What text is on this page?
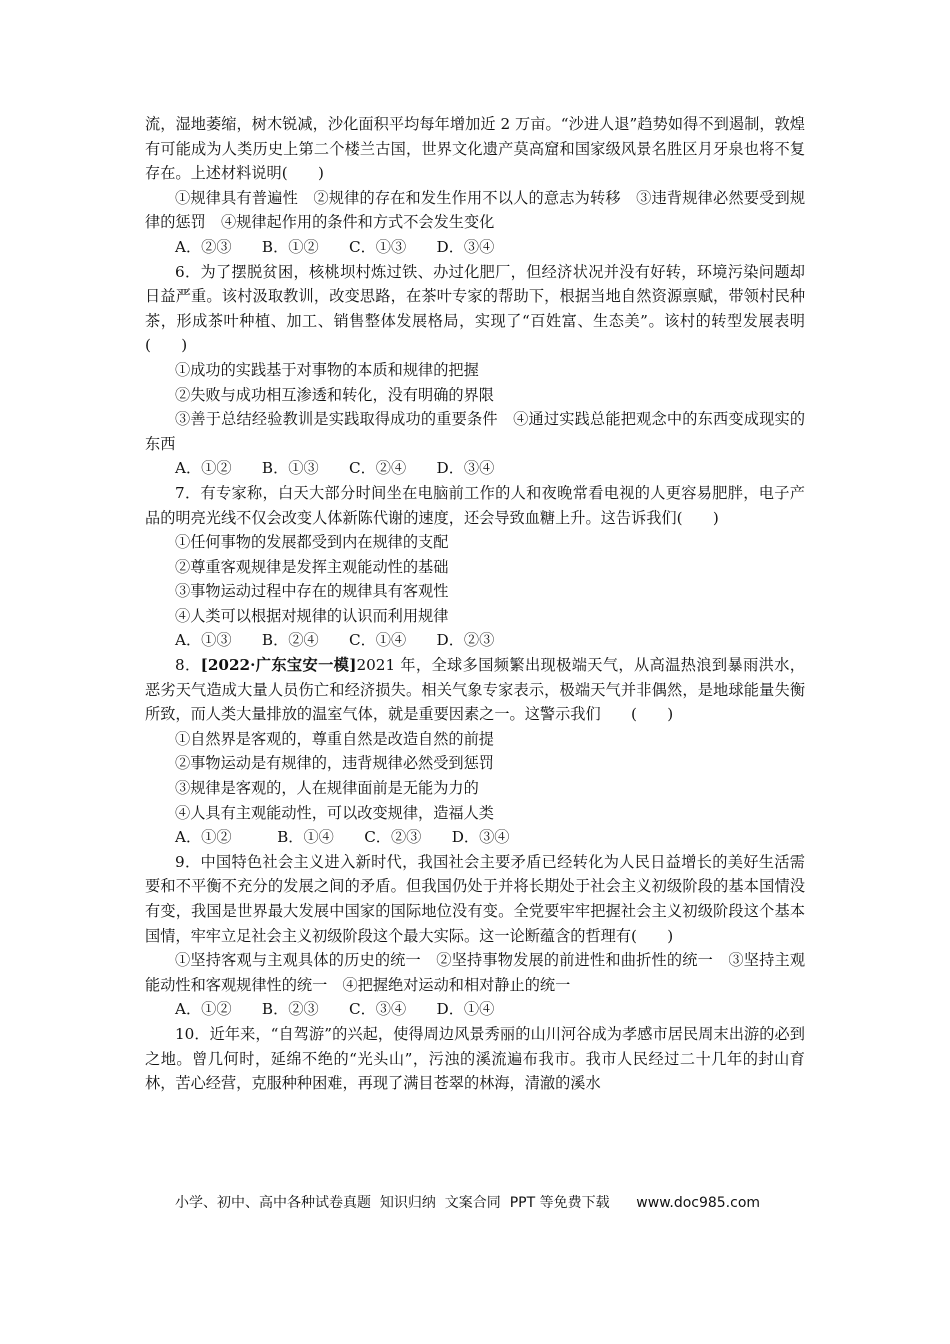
流，湿地萎缩，树木锐减，沙化面积平均每年增加近 2 万亩。“沙进人退”趋势如得不到遏制，敦煌有可能成为人类历史上第二个楼兰古国，世界文化遗产莫高窟和国家级风景名胜区月牙泉也将不复存在。上述材料说明(　　)

①规律具有普遍性　②规律的存在和发生作用不以人的意志为转移　③违背规律必然要受到规律的惩罚　④规律起作用的条件和方式不会发生变化

A．②③　　B．①②　　C．①③　　D．③④

6．为了摆脱贫困，核桃坝村炼过铁、办过化肥厂，但经济状况并没有好转，环境污染问题却日益严重。该村汲取教训，改变思路，在茶叶专家的帮助下，根据当地自然资源禀赋，带领村民种茶，形成茶叶种植、加工、销售整体发展格局，实现了“百姓富、生态美”。该村的转型发展表明(　　)

①成功的实践基于对事物的本质和规律的把握

②失败与成功相互渗透和转化，没有明确的界限

③善于总结经验教训是实践取得成功的重要条件　④通过实践总能把观念中的东西变成现实的东西

A．①②　　B．①③　　C．②④　　D．③④

7．有专家称，白天大部分时间坐在电脑前工作的人和夜晚常看电视的人更容易肥胖，电子产品的明亮光线不仅会改变人体新陈代谢的速度，还会导致血糖上升。这告诉我们(　　)

①任何事物的发展都受到内在规律的支配

②尊重客观规律是发挥主观能动性的基础

③事物运动过程中存在的规律具有客观性

④人类可以根据对规律的认识而利用规律

A．①③　　B．②④　　C．①④　　D．②③

8．[2022·广东宝安一模]2021 年，全球多国频繁出现极端天气，从高温热浪到暴雨洪水，恶劣天气造成大量人员伤亡和经济损失。相关气象专家表示，极端天气并非偶然，是地球能量失衡所致，而人类大量排放的温室气体，就是重要因素之一。这警示我们　　(　　)

①自然界是客观的，尊重自然是改造自然的前提

②事物运动是有规律的，违背规律必然受到惩罚

③规律是客观的，人在规律面前是无能为力的

④人具有主观能动性，可以改变规律，造福人类

A．①②　　　B．①④　　C．②③　　D．③④

9．中国特色社会主义进入新时代，我国社会主要矛盾已经转化为人民日益增长的美好生活需要和不平衡不充分的发展之间的矛盾。但我国仍处于并将长期处于社会主义初级阶段的基本国情没有变，我国是世界最大发展中国家的国际地位没有变。全党要牢牢把握社会主义初级阶段这个基本国情，牢牢立足社会主义初级阶段这个最大实际。这一论断蕴含的哲理有(　　)

①坚持客观与主观具体的历史的统一　②坚持事物发展的前进性和曲折性的统一　③坚持主观能动性和客观规律性的统一　④把握绝对运动和相对静止的统一

A．①②　　B．②③　　C．③④　　D．①④

10．近年来，“自驾游”的兴起，使得周边风景秀丽的山川河谷成为孝感市居民周末出游的必到之地。曾几何时，延绵不绝的“光头山”，污浊的溪流遍布我市。我市人民经过二十几年的封山育林，苦心经营，克服种种困难，再现了满目苍翠的林海，清澈的溪水

小学、初中、高中各种试卷真题  知识归纳  文案合同  PPT 等免费下载 www.doc985.com
